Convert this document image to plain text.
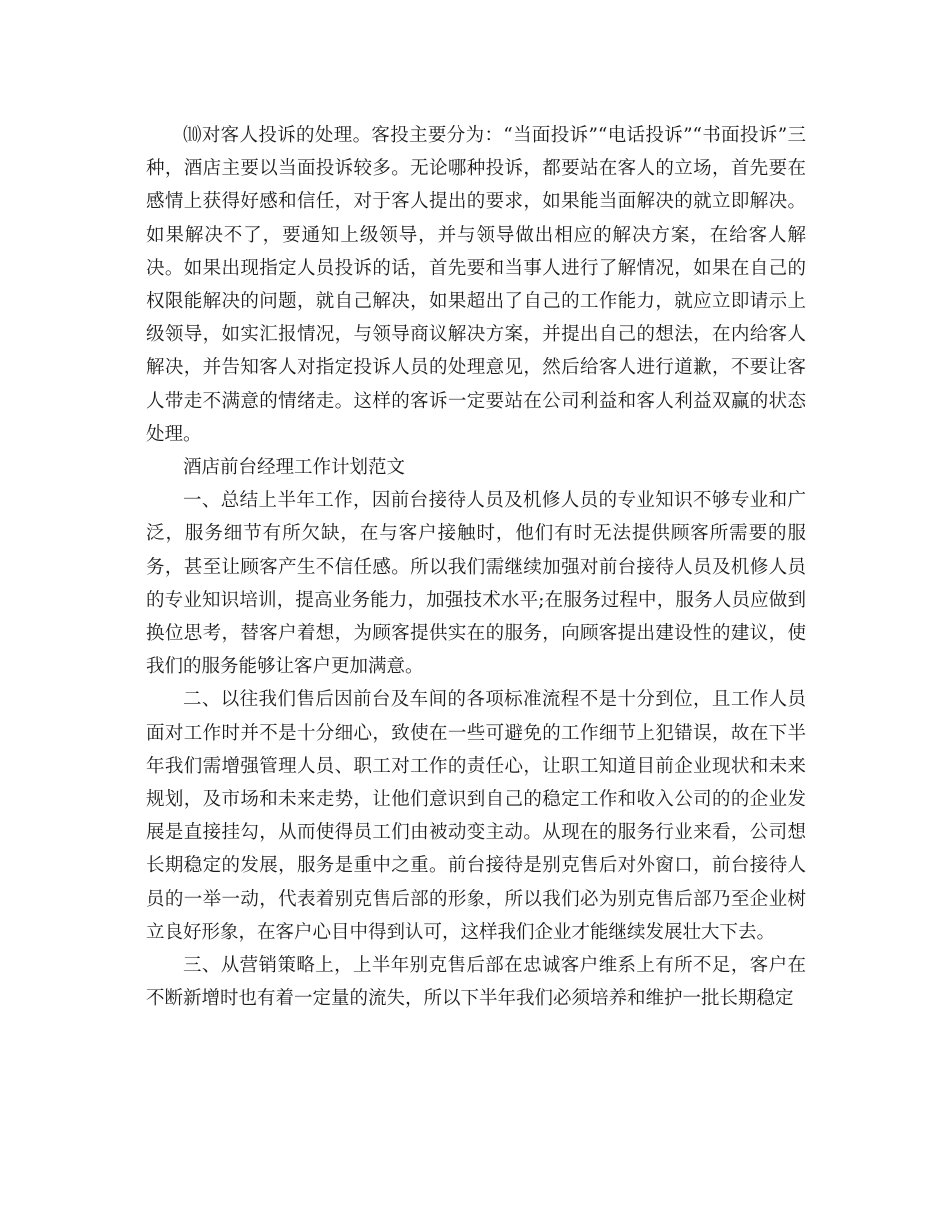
⑽对客人投诉的处理。客投主要分为：“当面投诉”“电话投诉”“书面投诉”三种，酒店主要以当面投诉较多。无论哪种投诉，都要站在客人的立场，首先要在感情上获得好感和信任，对于客人提出的要求，如果能当面解决的就立即解决。如果解决不了，要通知上级领导，并与领导做出相应的解决方案，在给客人解决。如果出现指定人员投诉的话，首先要和当事人进行了解情况，如果在自己的权限能解决的问题，就自己解决，如果超出了自己的工作能力，就应立即请示上级领导，如实汇报情况，与领导商议解决方案，并提出自己的想法，在内给客人解决，并告知客人对指定投诉人员的处理意见，然后给客人进行道歉，不要让客人带走不满意的情绪走。这样的客诉一定要站在公司利益和客人利益双赢的状态处理。

酒店前台经理工作计划范文

一、总结上半年工作，因前台接待人员及机修人员的专业知识不够专业和广泛，服务细节有所欠缺，在与客户接触时，他们有时无法提供顾客所需要的服务，甚至让顾客产生不信任感。所以我们需继续加强对前台接待人员及机修人员的专业知识培训，提高业务能力，加强技术水平;在服务过程中，服务人员应做到换位思考，替客户着想，为顾客提供实在的服务，向顾客提出建设性的建议，使我们的服务能够让客户更加满意。

二、以往我们售后因前台及车间的各项标准流程不是十分到位，且工作人员面对工作时并不是十分细心，致使在一些可避免的工作细节上犯错误，故在下半年我们需增强管理人员、职工对工作的责任心，让职工知道目前企业现状和未来规划，及市场和未来走势，让他们意识到自己的稳定工作和收入公司的的企业发展是直接挂勾，从而使得员工们由被动变主动。从现在的服务行业来看，公司想长期稳定的发展，服务是重中之重。前台接待是别克售后对外窗口，前台接待人员的一举一动，代表着别克售后部的形象，所以我们必为别克售后部乃至企业树立良好形象，在客户心目中得到认可，这样我们企业才能继续发展壮大下去。

三、从营销策略上，上半年别克售后部在忠诚客户维系上有所不足，客户在不断新增时也有着一定量的流失，所以下半年我们必须培养和维护一批长期稳定
